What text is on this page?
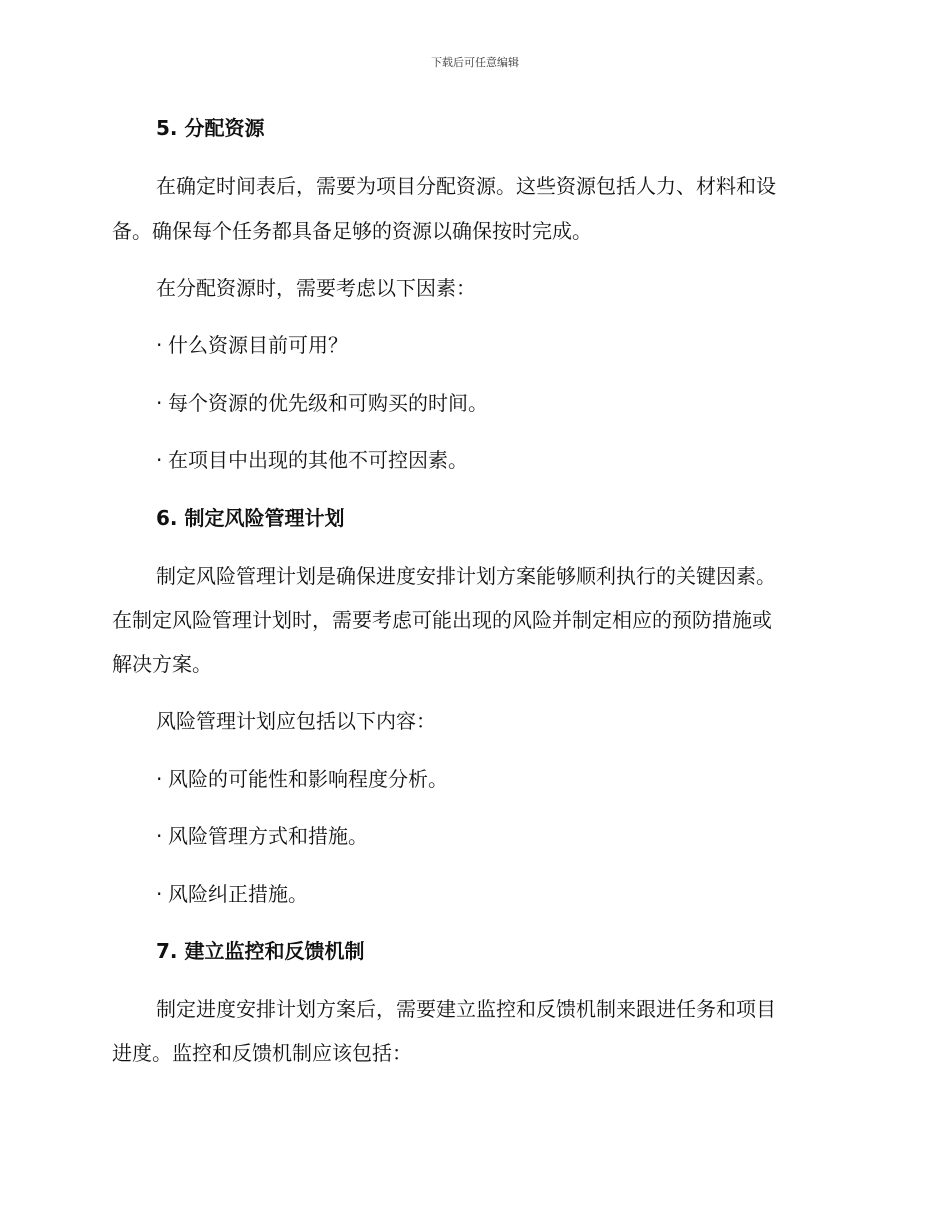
下载后可任意编辑
5. 分配资源
在确定时间表后，需要为项目分配资源。这些资源包括人力、材料和设
备。确保每个任务都具备足够的资源以确保按时完成。
在分配资源时，需要考虑以下因素：
· 什么资源目前可用？
· 每个资源的优先级和可购买的时间。
· 在项目中出现的其他不可控因素。
6. 制定风险管理计划
制定风险管理计划是确保进度安排计划方案能够顺利执行的关键因素。
在制定风险管理计划时，需要考虑可能出现的风险并制定相应的预防措施或
解决方案。
风险管理计划应包括以下内容：
· 风险的可能性和影响程度分析。
· 风险管理方式和措施。
· 风险纠正措施。
7. 建立监控和反馈机制
制定进度安排计划方案后，需要建立监控和反馈机制来跟进任务和项目
进度。监控和反馈机制应该包括：
